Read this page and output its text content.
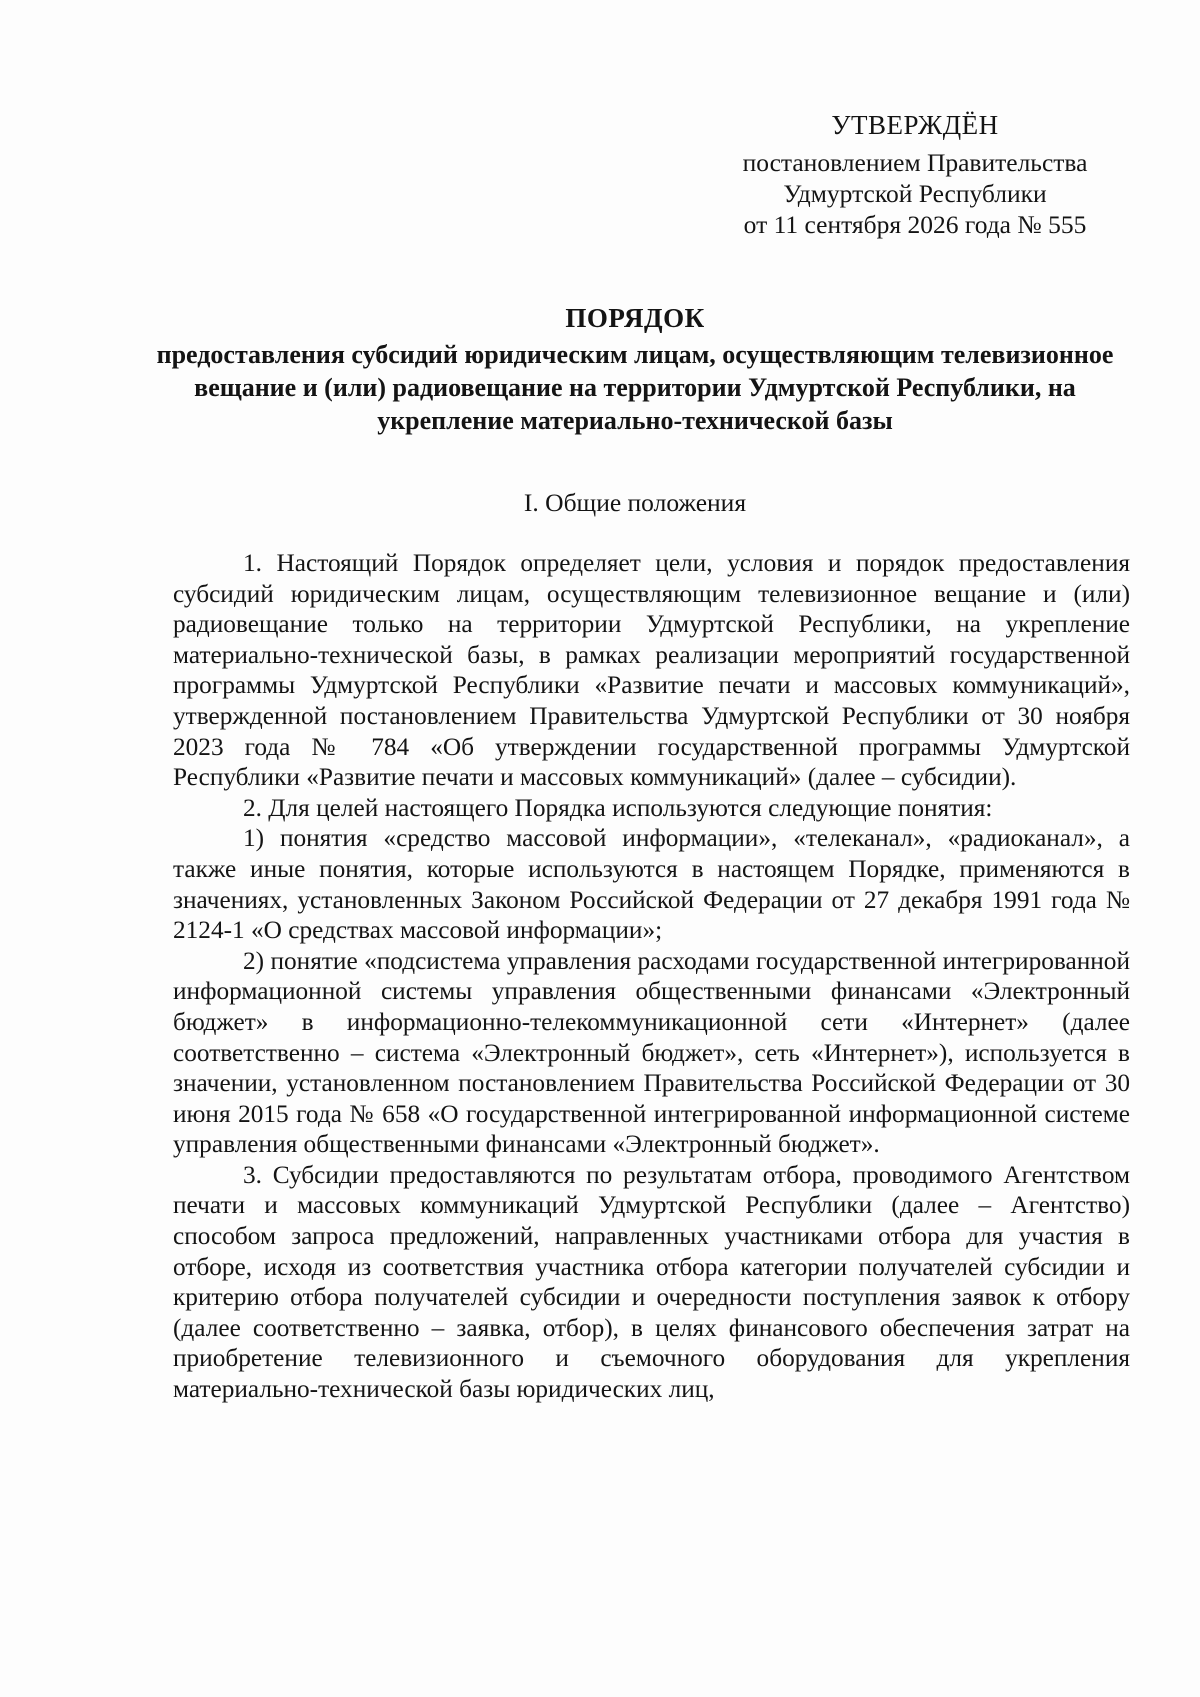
УТВЕРЖДЁН
постановлением Правительства
Удмуртской Республики
от 11 сентября 2026 года № 555
ПОРЯДОК
предоставления субсидий юридическим лицам, осуществляющим телевизионное вещание и (или) радиовещание на территории Удмуртской Республики, на укрепление материально-технической базы
I. Общие положения

1. Настоящий Порядок определяет цели, условия и порядок предоставления субсидий юридическим лицам, осуществляющим телевизионное вещание и (или) радиовещание только на территории Удмуртской Республики, на укрепление материально-технической базы, в рамках реализации мероприятий государственной программы Удмуртской Республики «Развитие печати и массовых коммуникаций», утвержденной постановлением Правительства Удмуртской Республики от 30 ноября 2023 года № 784 «Об утверждении государственной программы Удмуртской Республики «Развитие печати и массовых коммуникаций» (далее – субсидии).

2. Для целей настоящего Порядка используются следующие понятия:

1) понятия «средство массовой информации», «телеканал», «радиоканал», а также иные понятия, которые используются в настоящем Порядке, применяются в значениях, установленных Законом Российской Федерации от 27 декабря 1991 года № 2124-1 «О средствах массовой информации»;

2) понятие «подсистема управления расходами государственной интегрированной информационной системы управления общественными финансами «Электронный бюджет» в информационно-телекоммуникационной сети «Интернет» (далее соответственно – система «Электронный бюджет», сеть «Интернет»), используется в значении, установленном постановлением Правительства Российской Федерации от 30 июня 2015 года № 658 «О государственной интегрированной информационной системе управления общественными финансами «Электронный бюджет».

3. Субсидии предоставляются по результатам отбора, проводимого Агентством печати и массовых коммуникаций Удмуртской Республики (далее – Агентство) способом запроса предложений, направленных участниками отбора для участия в отборе, исходя из соответствия участника отбора категории получателей субсидии и критерию отбора получателей субсидии и очередности поступления заявок к отбору (далее соответственно – заявка, отбор), в целях финансового обеспечения затрат на приобретение телевизионного и съемочного оборудования для укрепления материально-технической базы юридических лиц,
